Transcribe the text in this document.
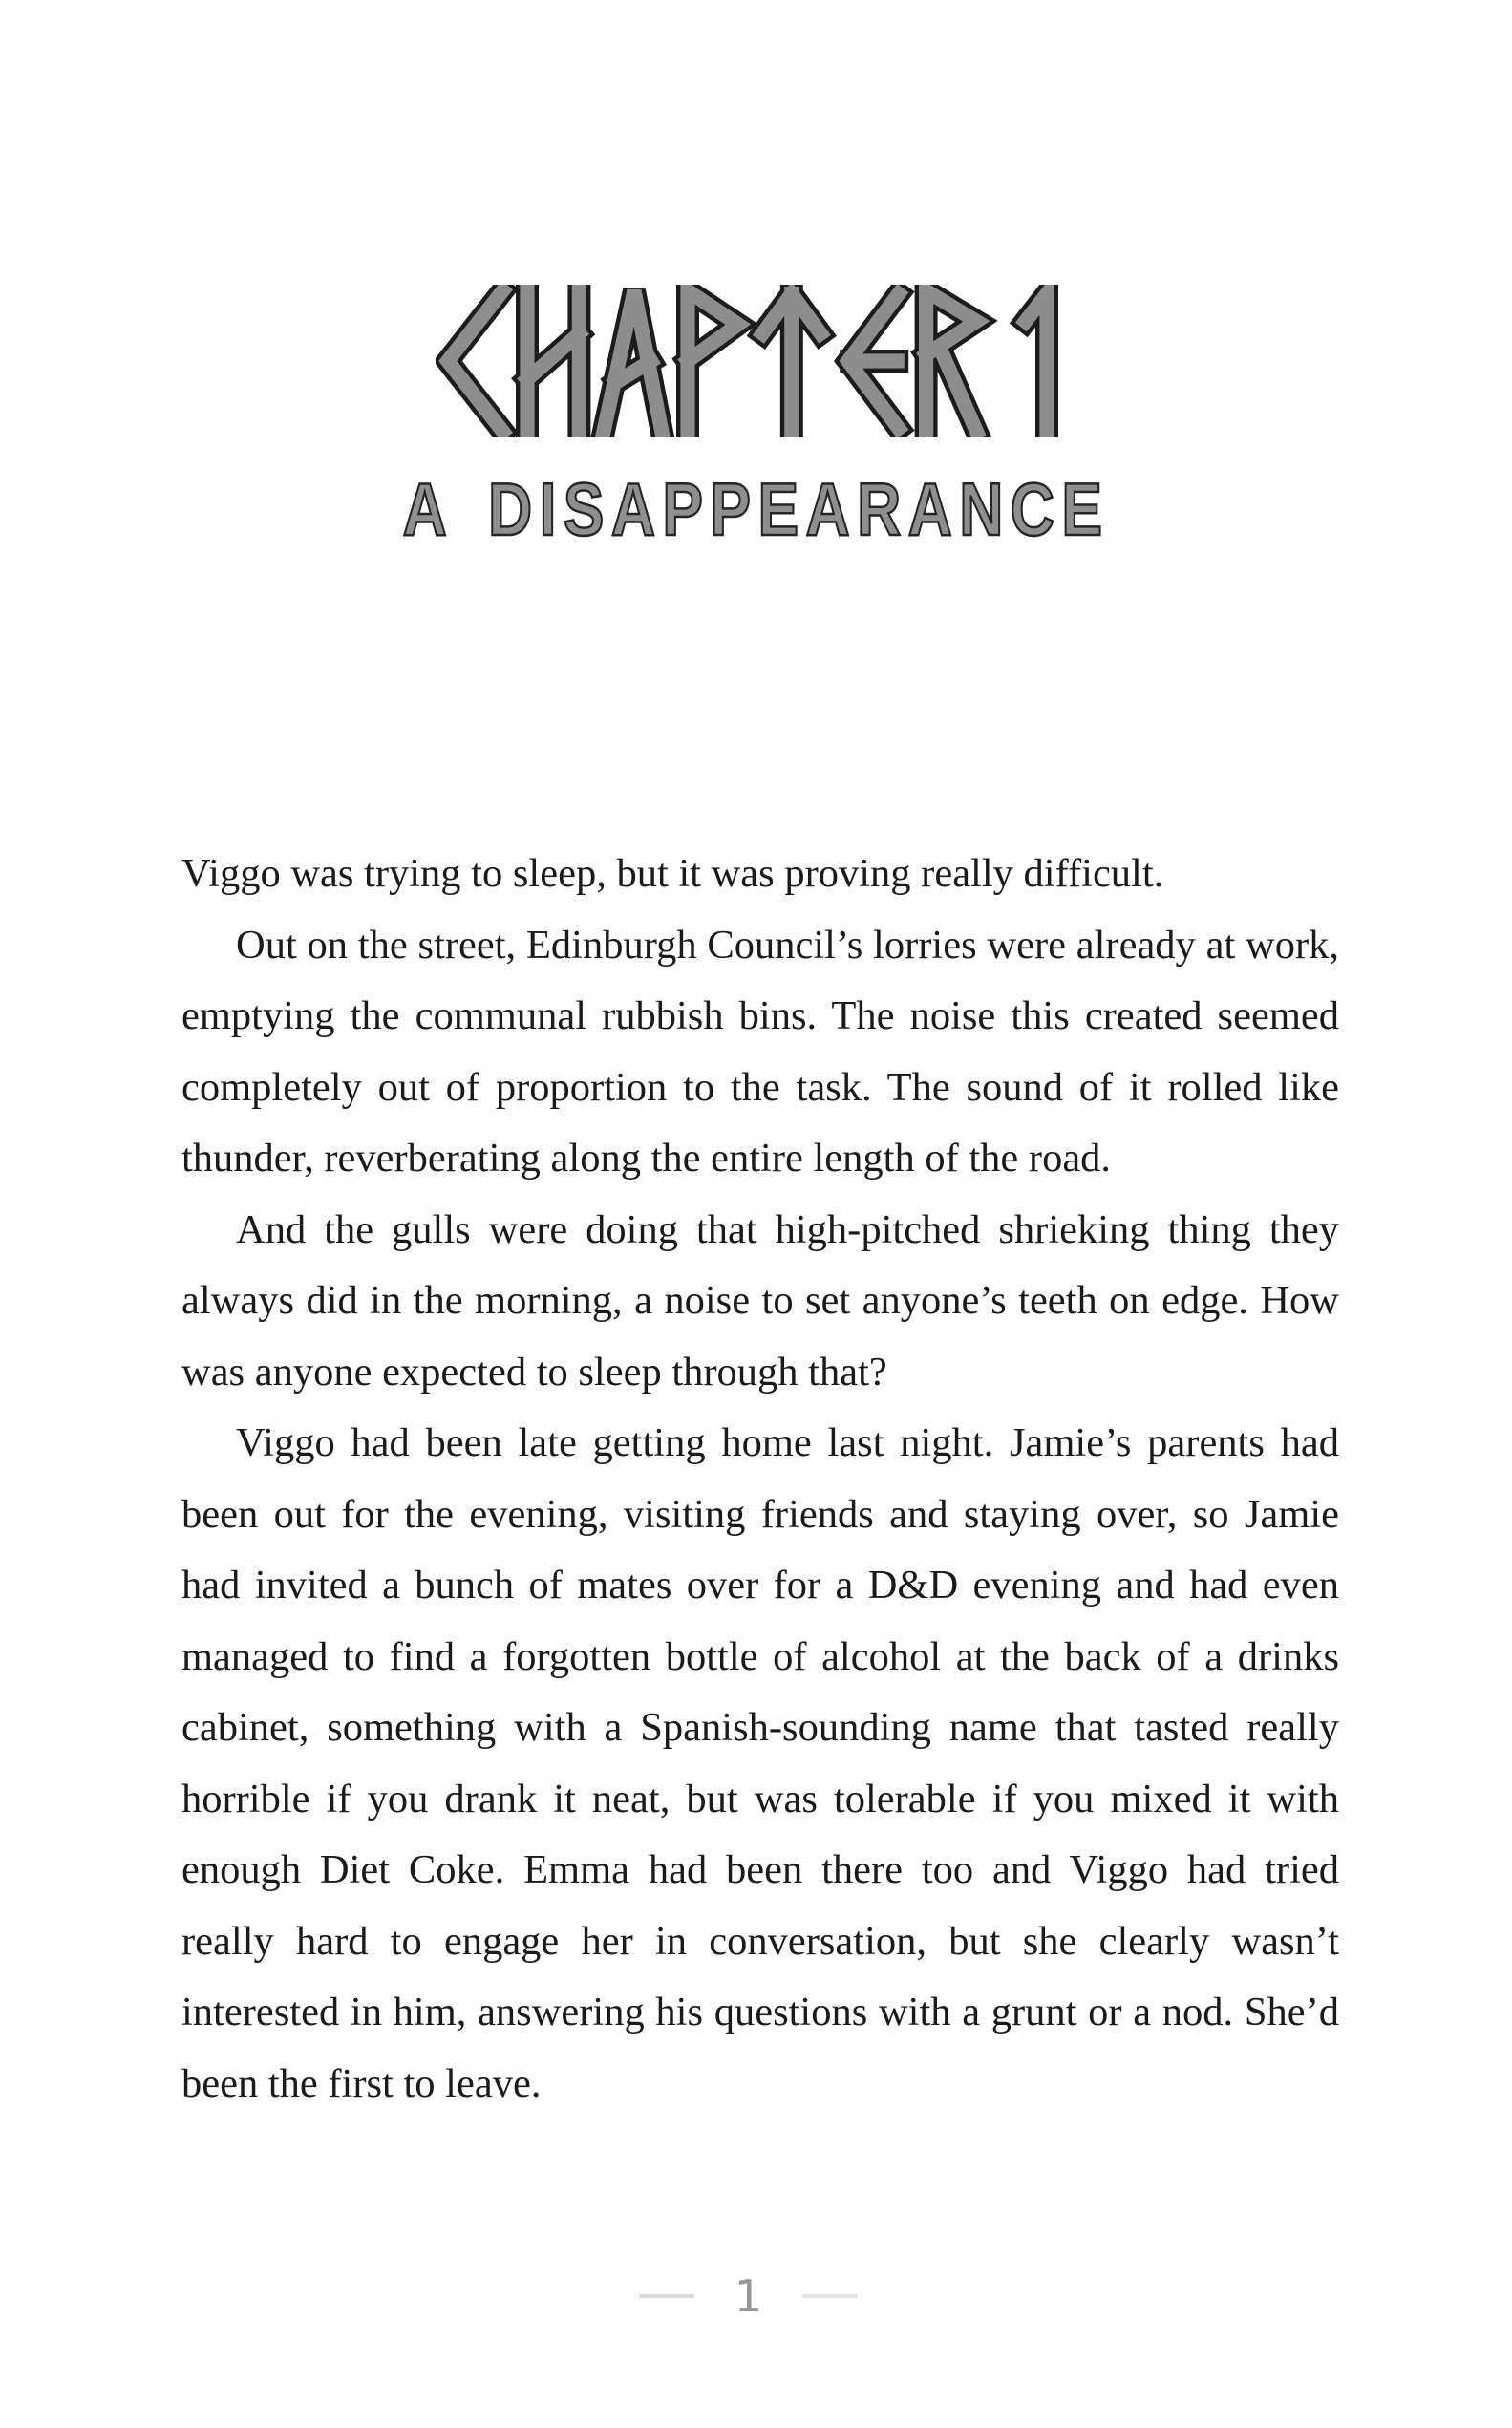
A DISAPPEARANCE

Viggo was trying to sleep, but it was proving really difficult.

Out on the street, Edinburgh Council’s lorries were already at work, emptying the communal rubbish bins. The noise this created seemed completely out of proportion to the task. The sound of it rolled like thunder, reverberating along the entire length of the road.

And the gulls were doing that high-pitched shrieking thing they always did in the morning, a noise to set anyone’s teeth on edge. How was anyone expected to sleep through that?

Viggo had been late getting home last night. Jamie’s parents had been out for the evening, visiting friends and staying over, so Jamie had invited a bunch of mates over for a D&D evening and had even managed to find a forgotten bottle of alcohol at the back of a drinks cabinet, something with a Spanish-sounding name that tasted really horrible if you drank it neat, but was tolerable if you mixed it with enough Diet Coke. Emma had been there too and Viggo had tried really hard to engage her in conversation, but she clearly wasn’t interested in him, answering his questions with a grunt or a nod. She’d been the first to leave.

1
